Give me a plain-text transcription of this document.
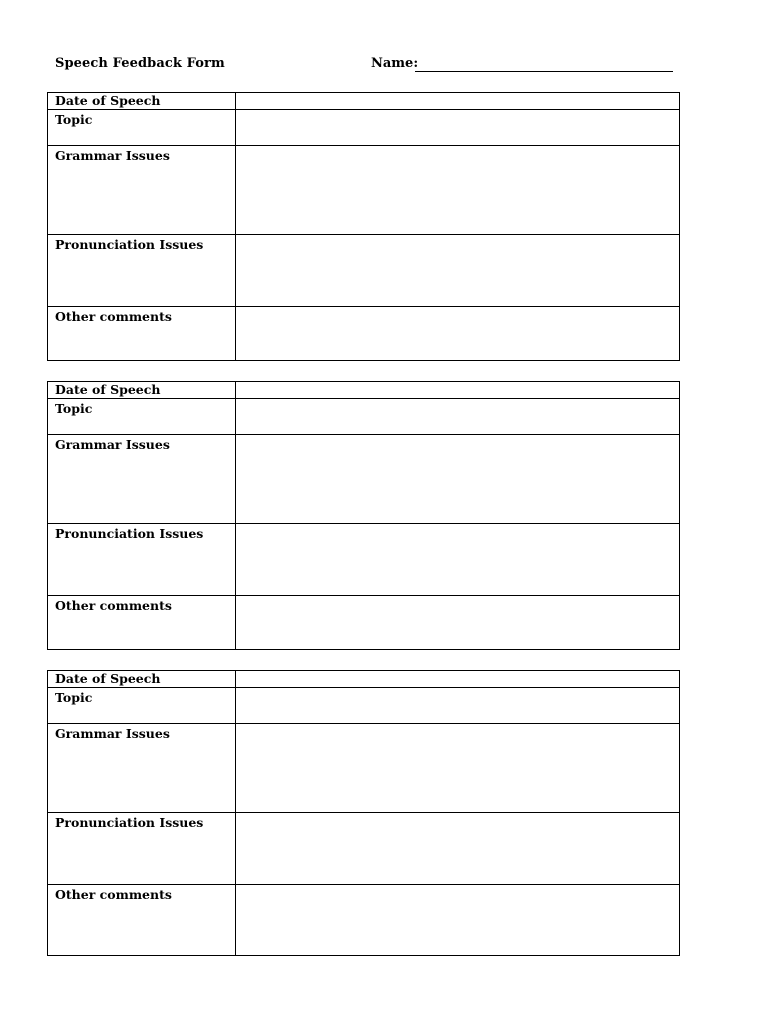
Speech Feedback Form	Name:
Date of Speech	
Topic	
Grammar Issues	
Pronunciation Issues	
Other comments	
Date of Speech	
Topic	
Grammar Issues	
Pronunciation Issues	
Other comments	
Date of Speech	
Topic	
Grammar Issues	
Pronunciation Issues	
Other comments	
